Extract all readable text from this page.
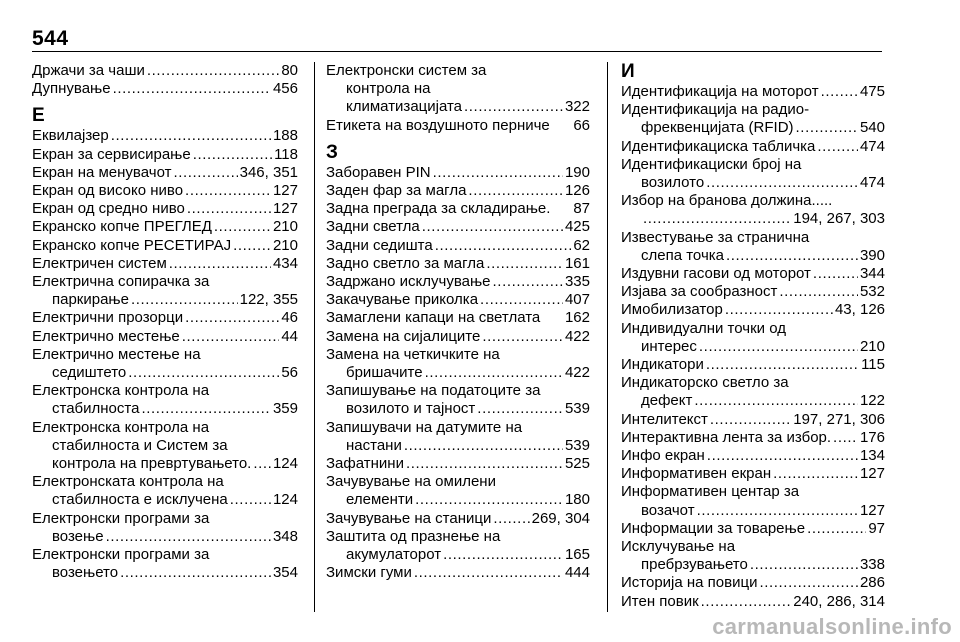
544
Држачи за чаши .....	80
Дупнување .....	456
Е
Еквилајзер .....	188
Екран за сервисирање .....	118
Екран на менувачот .....	346, 351
Екран од високо ниво .....	127
Екран од средно ниво .....	127
Екранско копче ПРЕГЛЕД .....	210
Екранско копче РЕСЕТИРАЈ .....	210
Електричен систем .....	434
Електрична сопирачка за
паркирање .....	122, 355
Електрични прозорци .....	46
Електрично местење .....	44
Електрично местење на
седиштето .....	56
Електронска контрола на
стабилноста .....	359
Електронска контрола на
стабилноста и Систем за
контрола на превртувањето. ..... 124
Електронската контрола на
стабилноста е исклучена .....	124
Електронски програми за
возење .....	348
Електронски програми за
возењето .....	354
Електронски систем за
контрола на
климатизацијата .....	322
Етикета на воздушното перниче 66
З
Заборавен PIN .....	190
Заден фар за магла .....	126
Задна преграда за складирање. 87
Задни светла .....	425
Задни седишта .....	62
Задно светло за магла .....	161
Задржано исклучување .....	335
Закачување приколка .....	407
Замаглени капаци на светлата 162
Замена на сијалиците .....	422
Замена на четкичките на
бришачите .....	422
Запишување на податоците за
возилото и тајност .....	539
Запишувачи на датумите на
настани .....	539
Зафатнини .....	525
Зачувување на омилени
елементи .....	180
Зачувување на станици .....	269, 304
Заштита од празнење на
акумулаторот .....	165
Зимски гуми .....	444
И
Идентификација на моторот .....	475
Идентификација на радио-
фреквенцијата (RFID) .....	540
Идентификациска табличка .....	474
Идентификациски број на
возилото .....	474
Избор на бранова должина.....
.....
194, 267, 303
Известување за странична
слепа точка .....	390
Издувни гасови од моторот .....	344
Изјава за сообразност .....	532
Имобилизатор .....	43, 126
Индивидуални точки од
интерес .....	210
Индикатори .....	115
Индикаторско светло за
дефект .....	122
Интелитекст .....	197, 271, 306
Интерактивна лента за избор. ..... 176
Инфо екран .....	134
Информативен екран .....	127
Информативен центар за
возачот .....	127
Информации за товарење .....	97
Исклучување на
пребрзувањето .....	338
Историја на повици .....	286
Итен повик .....	240, 286, 314
carmanualsonline.info
